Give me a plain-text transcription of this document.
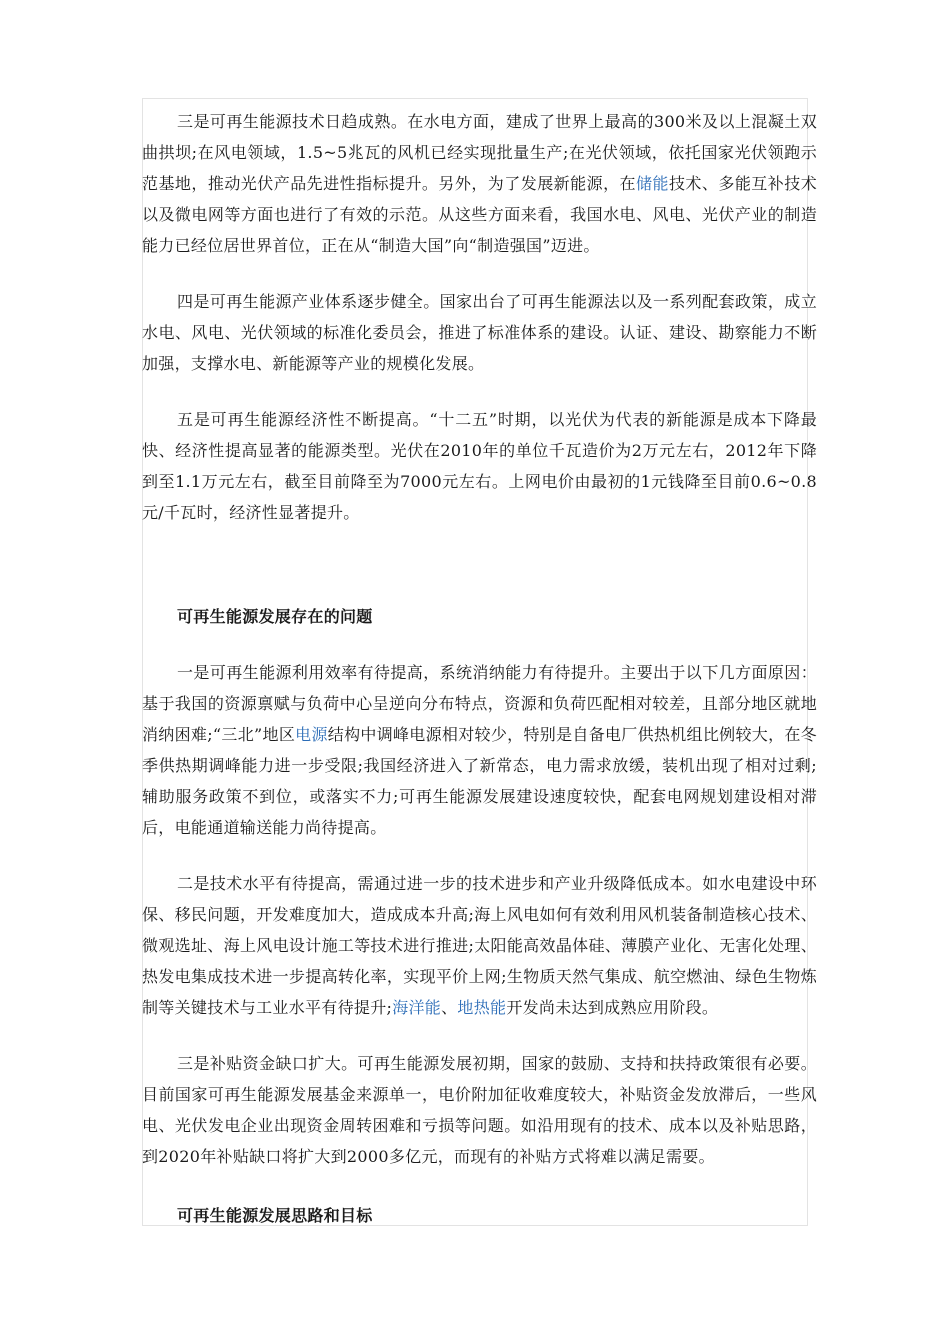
三是可再生能源技术日趋成熟。在水电方面，建成了世界上最高的300米及以上混凝土双曲拱坝;在风电领域，1.5~5兆瓦的风机已经实现批量生产;在光伏领域，依托国家光伏领跑示范基地，推动光伏产品先进性指标提升。另外，为了发展新能源，在储能技术、多能互补技术以及微电网等方面也进行了有效的示范。从这些方面来看，我国水电、风电、光伏产业的制造能力已经位居世界首位，正在从“制造大国”向“制造强国”迈进。

四是可再生能源产业体系逐步健全。国家出台了可再生能源法以及一系列配套政策，成立水电、风电、光伏领域的标准化委员会，推进了标准体系的建设。认证、建设、勘察能力不断加强，支撑水电、新能源等产业的规模化发展。

五是可再生能源经济性不断提高。“十二五”时期，以光伏为代表的新能源是成本下降最快、经济性提高显著的能源类型。光伏在2010年的单位千瓦造价为2万元左右，2012年下降到至1.1万元左右，截至目前降至为7000元左右。上网电价由最初的1元钱降至目前0.6~0.8元/千瓦时，经济性显著提升。

可再生能源发展存在的问题

一是可再生能源利用效率有待提高，系统消纳能力有待提升。主要出于以下几方面原因：基于我国的资源禀赋与负荷中心呈逆向分布特点，资源和负荷匹配相对较差，且部分地区就地消纳困难;“三北”地区电源结构中调峰电源相对较少，特别是自备电厂供热机组比例较大，在冬季供热期调峰能力进一步受限;我国经济进入了新常态，电力需求放缓，装机出现了相对过剩;辅助服务政策不到位，或落实不力;可再生能源发展建设速度较快，配套电网规划建设相对滞后，电能通道输送能力尚待提高。

二是技术水平有待提高，需通过进一步的技术进步和产业升级降低成本。如水电建设中环保、移民问题，开发难度加大，造成成本升高;海上风电如何有效利用风机装备制造核心技术、微观选址、海上风电设计施工等技术进行推进;太阳能高效晶体硅、薄膜产业化、无害化处理、热发电集成技术进一步提高转化率，实现平价上网;生物质天然气集成、航空燃油、绿色生物炼制等关键技术与工业水平有待提升;海洋能、地热能开发尚未达到成熟应用阶段。

三是补贴资金缺口扩大。可再生能源发展初期，国家的鼓励、支持和扶持政策很有必要。目前国家可再生能源发展基金来源单一，电价附加征收难度较大，补贴资金发放滞后，一些风电、光伏发电企业出现资金周转困难和亏损等问题。如沿用现有的技术、成本以及补贴思路，到2020年补贴缺口将扩大到2000多亿元，而现有的补贴方式将难以满足需要。

可再生能源发展思路和目标
